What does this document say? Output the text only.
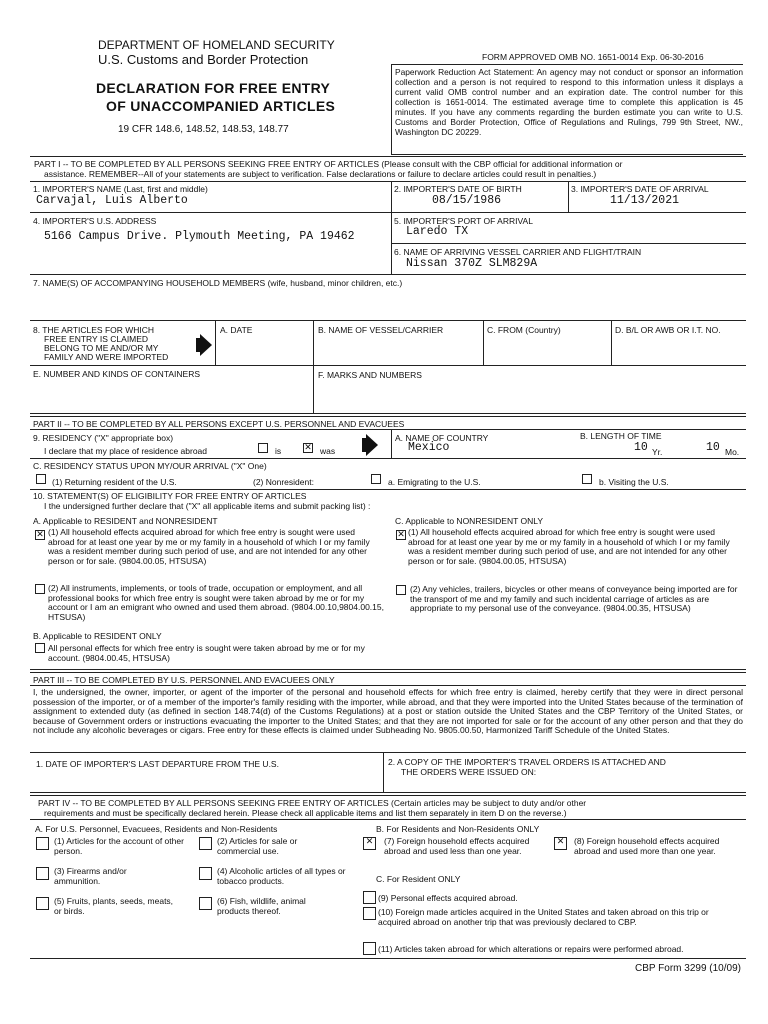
DEPARTMENT OF HOMELAND SECURITY
U.S. Customs and Border Protection
DECLARATION FOR FREE ENTRY
OF UNACCOMPANIED ARTICLES
19 CFR 148.6, 148.52, 148.53, 148.77
FORM APPROVED OMB NO. 1651-0014 Exp. 06-30-2016
Paperwork Reduction Act Statement: An agency may not conduct or sponsor an information collection and a person is not required to respond to this information unless it displays a current valid OMB control number and an expiration date. The control number for this collection is 1651-0014. The estimated average time to complete this application is 45 minutes. If you have any comments regarding the burden estimate you can write to U.S. Customs and Border Protection, Office of Regulations and Rulings, 799 9th Street, NW., Washington DC 20229.
PART I -- TO BE COMPLETED BY ALL PERSONS SEEKING FREE ENTRY OF ARTICLES (Please consult with the CBP official for additional information or
assistance. REMEMBER--All of your statements are subject to verification. False declarations or failure to declare articles could result in penalties.)
1. IMPORTER'S NAME (Last, first and middle)
Carvajal, Luis Alberto
2. IMPORTER'S DATE OF BIRTH
08/15/1986
3. IMPORTER'S DATE OF ARRIVAL
11/13/2021
4. IMPORTER'S U.S. ADDRESS
5166 Campus Drive. Plymouth Meeting, PA 19462
5. IMPORTER'S PORT OF ARRIVAL
Laredo TX
6. NAME OF ARRIVING VESSEL CARRIER AND FLIGHT/TRAIN
Nissan 370Z SLM829A
7. NAME(S) OF ACCOMPANYING HOUSEHOLD MEMBERS (wife, husband, minor children, etc.)
8. THE ARTICLES FOR WHICH
FREE ENTRY IS CLAIMED
BELONG TO ME AND/OR MY
FAMILY AND WERE IMPORTED
A. DATE	B. NAME OF VESSEL/CARRIER	C. FROM (Country)	D. B/L OR AWB OR I.T. NO.
E. NUMBER AND KINDS OF CONTAINERS	F. MARKS AND NUMBERS
PART II -- TO BE COMPLETED BY ALL PERSONS EXCEPT U.S. PERSONNEL AND EVACUEES
9. RESIDENCY ("X" appropriate box)
I declare that my place of residence abroad	is
✕	was
A. NAME OF COUNTRY
Mexico
B. LENGTH OF TIME
10 Yr.	10 Mo.
C. RESIDENCY STATUS UPON MY/OUR ARRIVAL ("X" One)
(1) Returning resident of the U.S.	(2) Nonresident:	a. Emigrating to the U.S.	b. Visiting the U.S.
10. STATEMENT(S) OF ELIGIBILITY FOR FREE ENTRY OF ARTICLES
I the undersigned further declare that ("X" all applicable items and submit packing list) :
A. Applicable to RESIDENT and NONRESIDENT
✕
(1) All household effects acquired abroad for which free entry is sought were used abroad for at least one year by me or my family in a household of which I or my family was a resident member during such period of use, and are not intended for any other person or for sale. (9804.00.05, HTSUSA)
(2) All instruments, implements, or tools of trade, occupation or employment, and all professional books for which free entry is sought were taken abroad by me or for my account or I am an emigrant who owned and used them abroad. (9804.00.10,9804.00.15, HTSUSA)
B. Applicable to RESIDENT ONLY
All personal effects for which free entry is sought were taken abroad by me or for my account. (9804.00.45, HTSUSA)
C. Applicable to NONRESIDENT ONLY
✕
(1) All household effects acquired abroad for which free entry is sought were used abroad for at least one year by me or my family in a household of which I or my family was a resident member during such period of use, and are not intended for any other person or for sale. (9804.00.05, HTSUSA)
(2) Any vehicles, trailers, bicycles or other means of conveyance being imported are for the transport of me and my family and such incidental carriage of articles as are appropriate to my personal use of the conveyance. (9804.00.35, HTSUSA)
PART III -- TO BE COMPLETED BY U.S. PERSONNEL AND EVACUEES ONLY
I, the undersigned, the owner, importer, or agent of the importer of the personal and household effects for which free entry is claimed, hereby certify that they were in direct personal possession of the importer, or of a member of the importer's family residing with the importer, while abroad, and that they were imported into the United States because of the termination of assignment to extended duty (as defined in section 148.74(d) of the Customs Regulations) at a post or station outside the United States and the CBP Territory of the United States, or because of Government orders or instructions evacuating the importer to the United States; and that they are not imported for sale or for the account of any other person and that they do not include any alcoholic beverages or cigars. Free entry for these effects is claimed under Subheading No. 9805.00.50, Harmonized Tariff Schedule of the United States.
1. DATE OF IMPORTER'S LAST DEPARTURE FROM THE U.S.	2. A COPY OF THE IMPORTER'S TRAVEL ORDERS IS ATTACHED AND
THE ORDERS WERE ISSUED ON:
PART IV -- TO BE COMPLETED BY ALL PERSONS SEEKING FREE ENTRY OF ARTICLES (Certain articles may be subject to duty and/or other
requirements and must be specifically declared herein. Please check all applicable items and list them separately in item D on the reverse.)
A. For U.S. Personnel, Evacuees, Residents and Non-Residents	B. For Residents and Non-Residents ONLY
(1) Articles for the account of other person.
(2) Articles for sale or commercial use.
✕
(7) Foreign household effects acquired abroad and used less than one year.
✕
(8) Foreign household effects acquired abroad and used more than one year.
(3) Firearms and/or ammunition.
(4) Alcoholic articles of all types or tobacco products.	C. For Resident ONLY
(5) Fruits, plants, seeds, meats, or birds.
(6) Fish, wildlife, animal products thereof.
(9) Personal effects acquired abroad.
(10) Foreign made articles acquired in the United States and taken abroad on this trip or acquired abroad on another trip that was previously declared to CBP.
(11) Articles taken abroad for which alterations or repairs were performed abroad.
CBP Form 3299 (10/09)
